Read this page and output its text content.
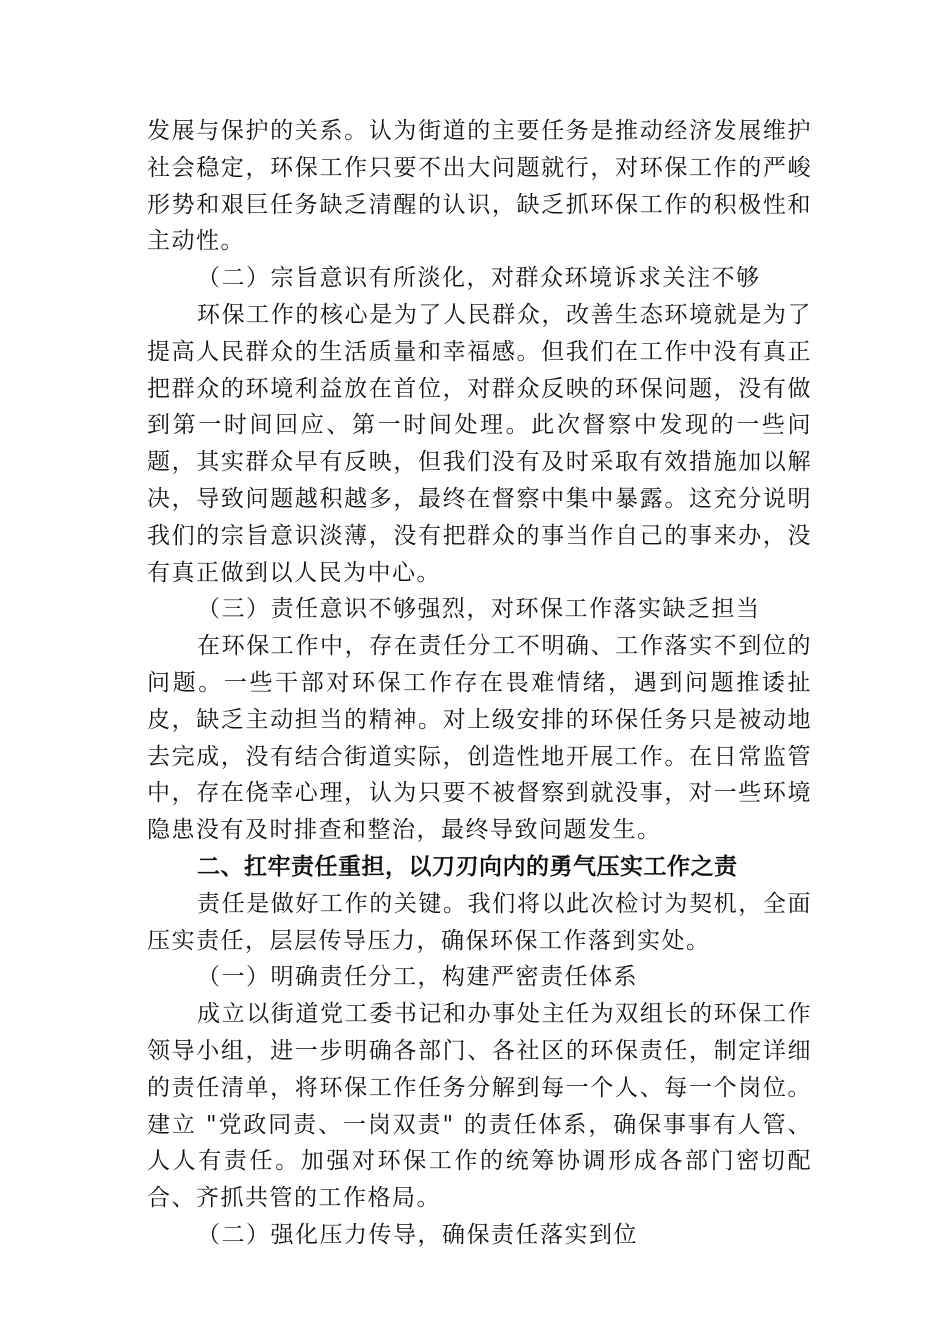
发展与保护的关系。认为街道的主要任务是推动经济发展维护社会稳定，环保工作只要不出大问题就行，对环保工作的严峻形势和艰巨任务缺乏清醒的认识，缺乏抓环保工作的积极性和主动性。

（二）宗旨意识有所淡化，对群众环境诉求关注不够

环保工作的核心是为了人民群众，改善生态环境就是为了提高人民群众的生活质量和幸福感。但我们在工作中没有真正把群众的环境利益放在首位，对群众反映的环保问题，没有做到第一时间回应、第一时间处理。此次督察中发现的一些问题，其实群众早有反映，但我们没有及时采取有效措施加以解决，导致问题越积越多，最终在督察中集中暴露。这充分说明我们的宗旨意识淡薄，没有把群众的事当作自己的事来办，没有真正做到以人民为中心。

（三）责任意识不够强烈，对环保工作落实缺乏担当

在环保工作中，存在责任分工不明确、工作落实不到位的问题。一些干部对环保工作存在畏难情绪，遇到问题推诿扯皮，缺乏主动担当的精神。对上级安排的环保任务只是被动地去完成，没有结合街道实际，创造性地开展工作。在日常监管中，存在侥幸心理，认为只要不被督察到就没事，对一些环境隐患没有及时排查和整治，最终导致问题发生。

二、扛牢责任重担，以刀刃向内的勇气压实工作之责

责任是做好工作的关键。我们将以此次检讨为契机，全面压实责任，层层传导压力，确保环保工作落到实处。

（一）明确责任分工，构建严密责任体系

成立以街道党工委书记和办事处主任为双组长的环保工作领导小组，进一步明确各部门、各社区的环保责任，制定详细的责任清单，将环保工作任务分解到每一个人、每一个岗位。建立 "党政同责、一岗双责" 的责任体系，确保事事有人管、人人有责任。加强对环保工作的统筹协调形成各部门密切配合、齐抓共管的工作格局。

（二）强化压力传导，确保责任落实到位
